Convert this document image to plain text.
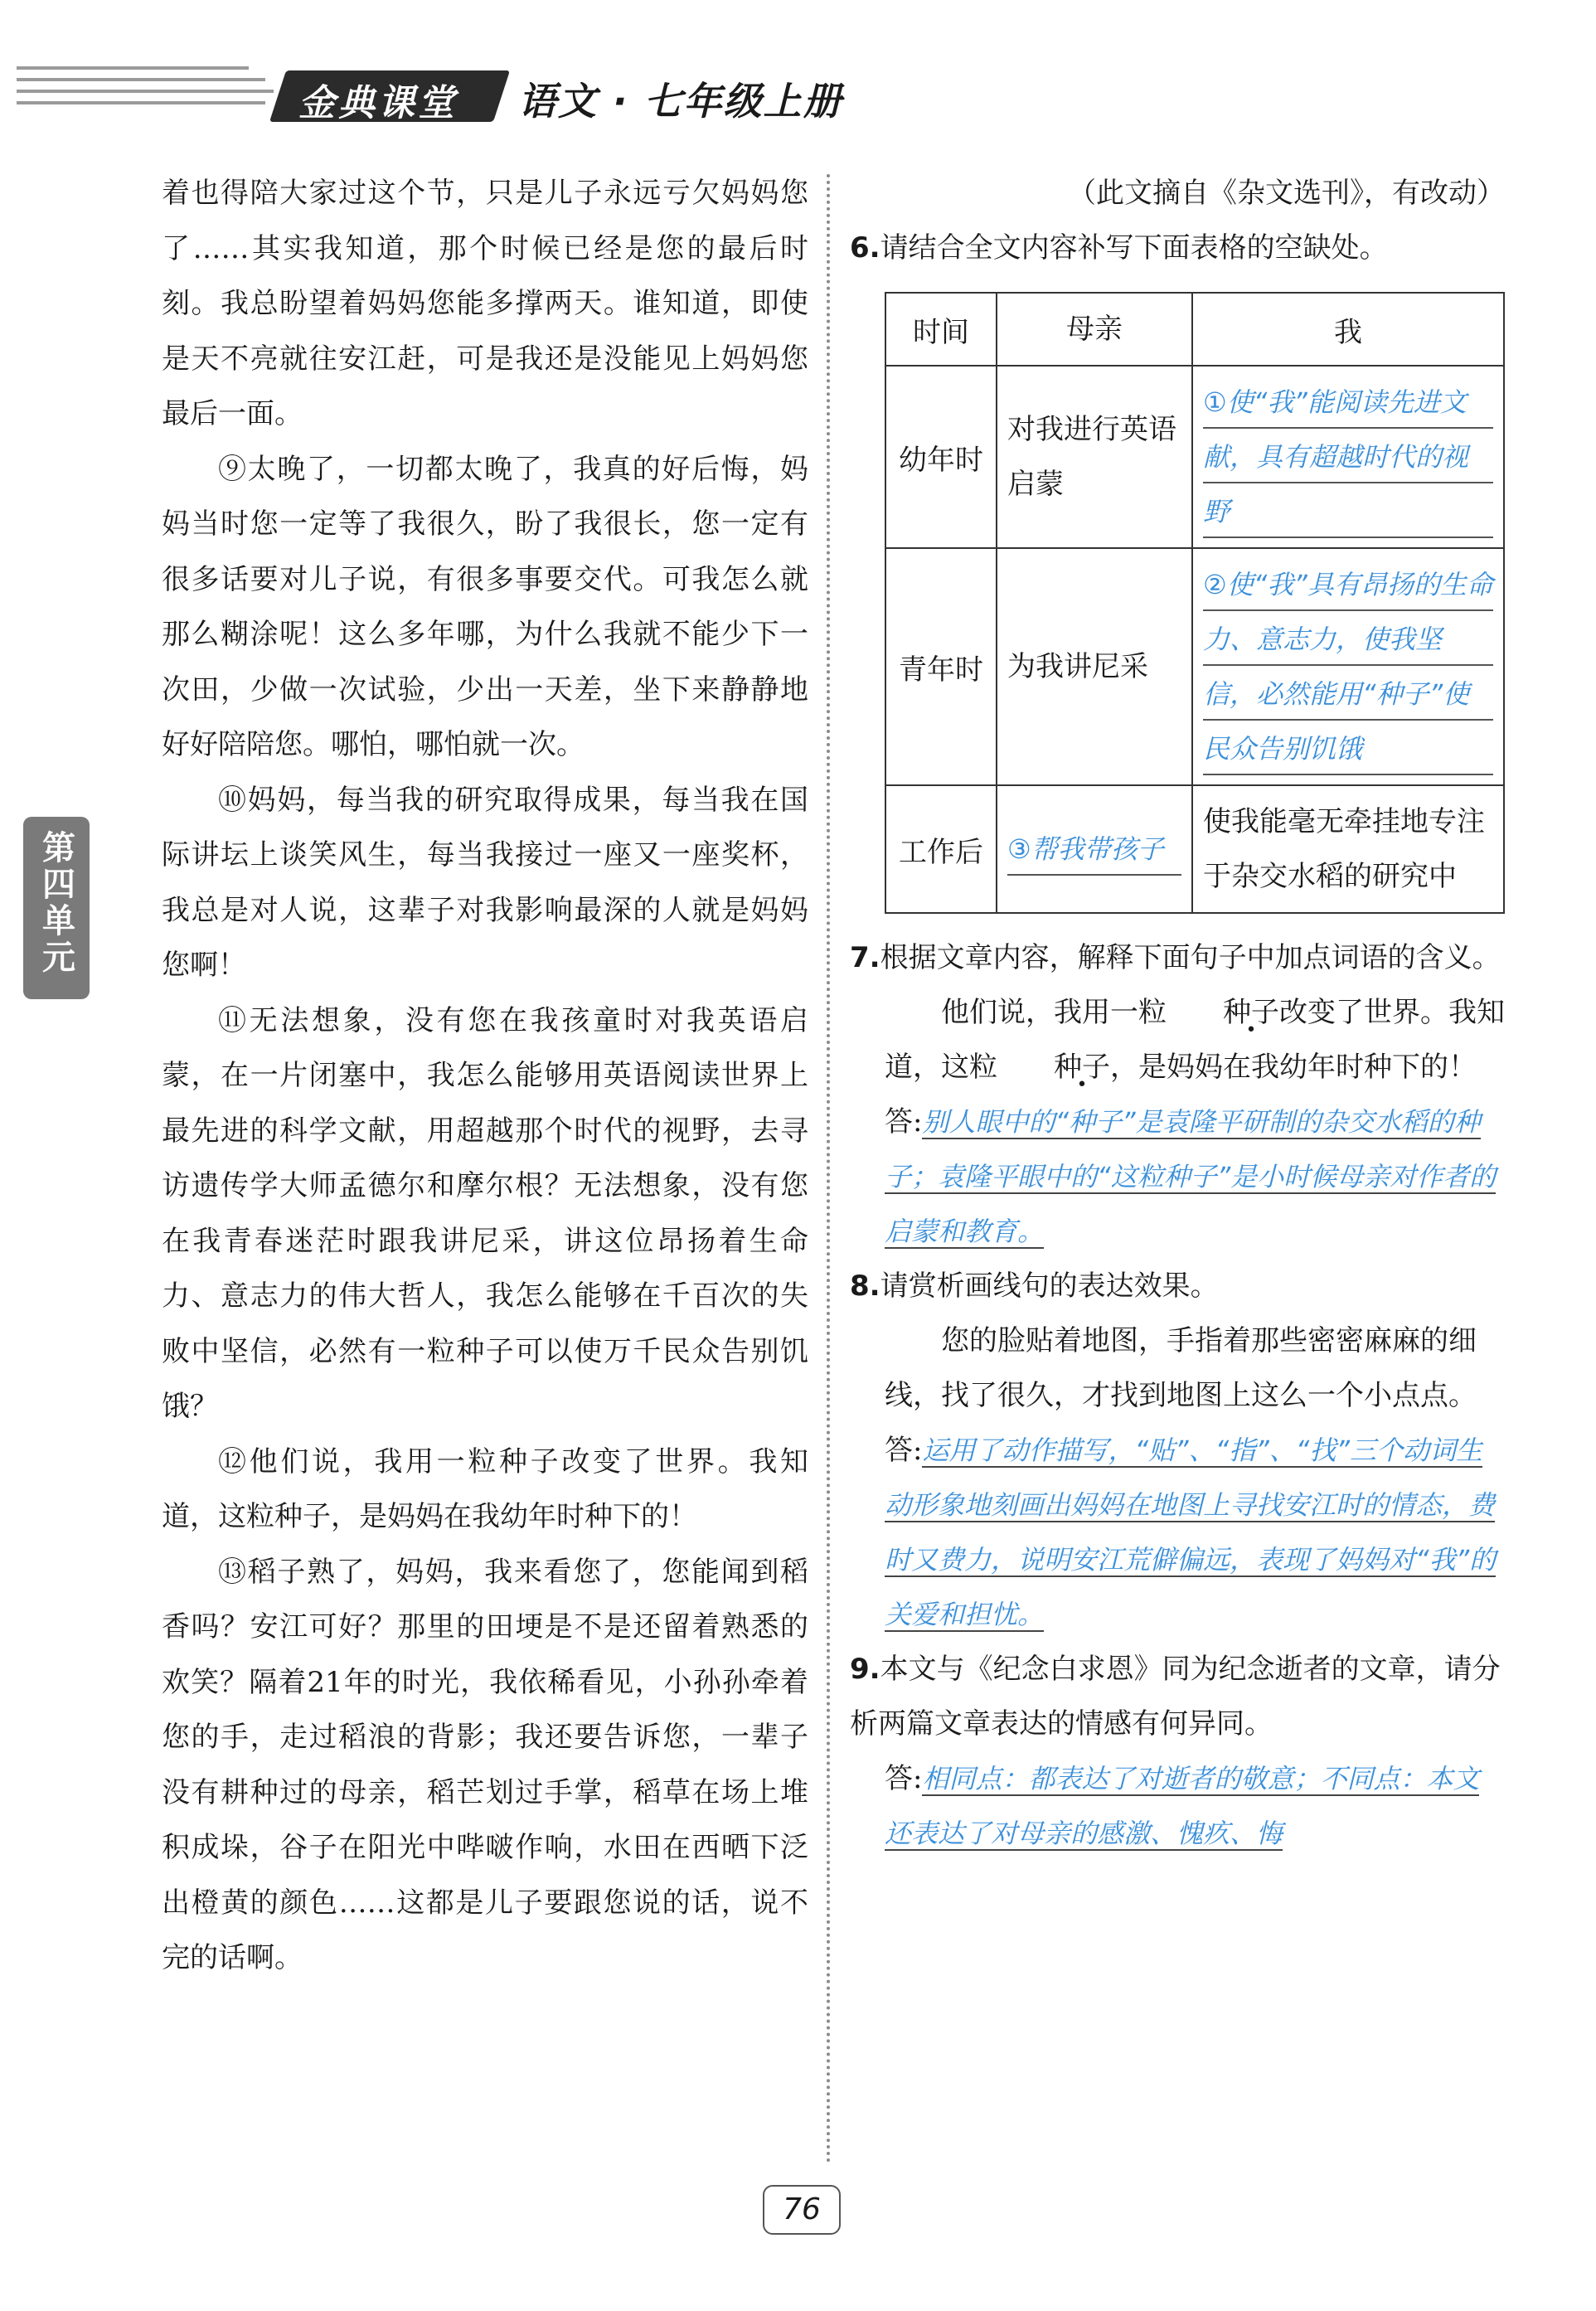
金典课堂 语文 · 七年级上册
第四单元

着也得陪大家过这个节，只是儿子永远亏欠妈妈您了……其实我知道，那个时候已经是您的最后时刻。我总盼望着妈妈您能多撑两天。谁知道，即使是天不亮就往安江赶，可是我还是没能见上妈妈您最后一面。

⑨太晚了，一切都太晚了，我真的好后悔，妈妈当时您一定等了我很久，盼了我很长，您一定有很多话要对儿子说，有很多事要交代。可我怎么就那么糊涂呢！这么多年哪，为什么我就不能少下一次田，少做一次试验，少出一天差，坐下来静静地好好陪陪您。哪怕，哪怕就一次。

⑩妈妈，每当我的研究取得成果，每当我在国际讲坛上谈笑风生，每当我接过一座又一座奖杯，我总是对人说，这辈子对我影响最深的人就是妈妈您啊！

⑪无法想象，没有您在我孩童时对我英语启蒙，在一片闭塞中，我怎么能够用英语阅读世界上最先进的科学文献，用超越那个时代的视野，去寻访遗传学大师孟德尔和摩尔根？无法想象，没有您在我青春迷茫时跟我讲尼采，讲这位昂扬着生命力、意志力的伟大哲人，我怎么能够在千百次的失败中坚信，必然有一粒种子可以使万千民众告别饥饿？

⑫他们说，我用一粒种子改变了世界。我知道，这粒种子，是妈妈在我幼年时种下的！

⑬稻子熟了，妈妈，我来看您了，您能闻到稻香吗？安江可好？那里的田埂是不是还留着熟悉的欢笑？隔着21年的时光，我依稀看见，小孙孙牵着您的手，走过稻浪的背影；我还要告诉您，一辈子没有耕种过的母亲，稻芒划过手掌，稻草在场上堆积成垛，谷子在阳光中哔啵作响，水田在西晒下泛出橙黄的颜色……这都是儿子要跟您说的话，说不完的话啊。

（此文摘自《杂文选刊》，有改动）

6.请结合全文内容补写下面表格的空缺处。

时间	母亲	我
幼年时	对我进行英语启蒙	①使“我”能阅读先进文献，具有超越时代的视野

青年时	为我讲尼采	②使“我”具有昂扬的生命力、意志力，使我坚信，必然能用“种子”使民众告别饥饿

工作后	③帮我带孩子	使我能毫无牵挂地专注于杂交水稻的研究中

7.根据文章内容，解释下面句子中加点词语的含义。

他们说，我用一粒 种子改变了世界。我知道，这粒 种子，是妈妈在我幼年时种下的！

答:别人眼中的“种子”是袁隆平研制的杂交水稻的种子；袁隆平眼中的“这粒种子”是小时候母亲对作者的启蒙和教育。

8.请赏析画线句的表达效果。

您的脸贴着地图，手指着那些密密麻麻的细线，找了很久，才找到地图上这么一个小点点。

答:运用了动作描写，“贴”、“指”、“找”三个动词生动形象地刻画出妈妈在地图上寻找安江时的情态，费时又费力，说明安江荒僻偏远，表现了妈妈对“我”的关爱和担忧。

9.本文与《纪念白求恩》同为纪念逝者的文章，请分析两篇文章表达的情感有何异同。

答:相同点：都表达了对逝者的敬意；不同点：本文还表达了对母亲的感激、愧疚、悔

76
